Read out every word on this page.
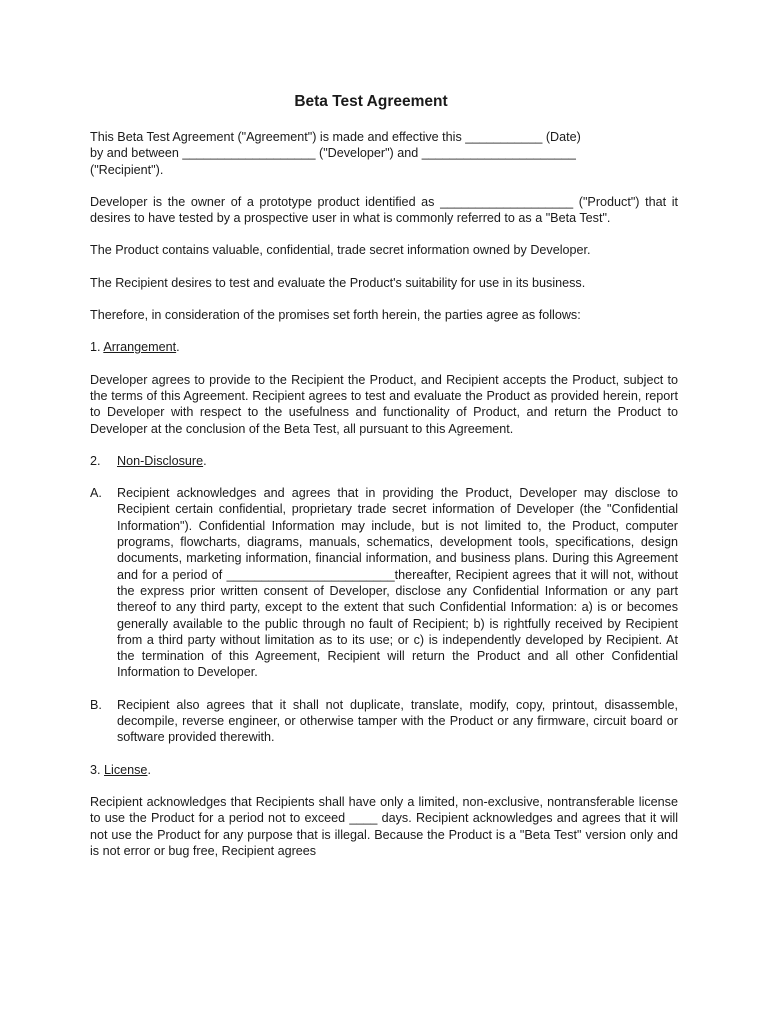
Beta Test Agreement

This Beta Test Agreement ("Agreement") is made and effective this ___________ (Date)
by and between ___________________ ("Developer") and ______________________
("Recipient").

Developer is the owner of a prototype product identified as ___________________ ("Product") that it desires to have tested by a prospective user in what is commonly referred to as a "Beta Test".

The Product contains valuable, confidential, trade secret information owned by Developer.

The Recipient desires to test and evaluate the Product's suitability for use in its business.

Therefore, in consideration of the promises set forth herein, the parties agree as follows:

1. Arrangement.

Developer agrees to provide to the Recipient the Product, and Recipient accepts the Product, subject to the terms of this Agreement. Recipient agrees to test and evaluate the Product as provided herein, report to Developer with respect to the usefulness and functionality of Product, and return the Product to Developer at the conclusion of the Beta Test, all pursuant to this Agreement.

2. Non-Disclosure.
A. Recipient acknowledges and agrees that in providing the Product, Developer may disclose to Recipient certain confidential, proprietary trade secret information of Developer (the "Confidential Information"). Confidential Information may include, but is not limited to, the Product, computer programs, flowcharts, diagrams, manuals, schematics, development tools, specifications, design documents, marketing information, financial information, and business plans. During this Agreement and for a period of ________________________thereafter, Recipient agrees that it will not, without the express prior written consent of Developer, disclose any Confidential Information or any part thereof to any third party, except to the extent that such Confidential Information: a) is or becomes generally available to the public through no fault of Recipient; b) is rightfully received by Recipient from a third party without limitation as to its use; or c) is independently developed by Recipient. At the termination of this Agreement, Recipient will return the Product and all other Confidential Information to Developer.
B. Recipient also agrees that it shall not duplicate, translate, modify, copy, printout, disassemble, decompile, reverse engineer, or otherwise tamper with the Product or any firmware, circuit board or software provided therewith.
3. License.

Recipient acknowledges that Recipients shall have only a limited, non-exclusive, nontransferable license to use the Product for a period not to exceed ____ days. Recipient acknowledges and agrees that it will not use the Product for any purpose that is illegal. Because the Product is a "Beta Test" version only and is not error or bug free, Recipient agrees
